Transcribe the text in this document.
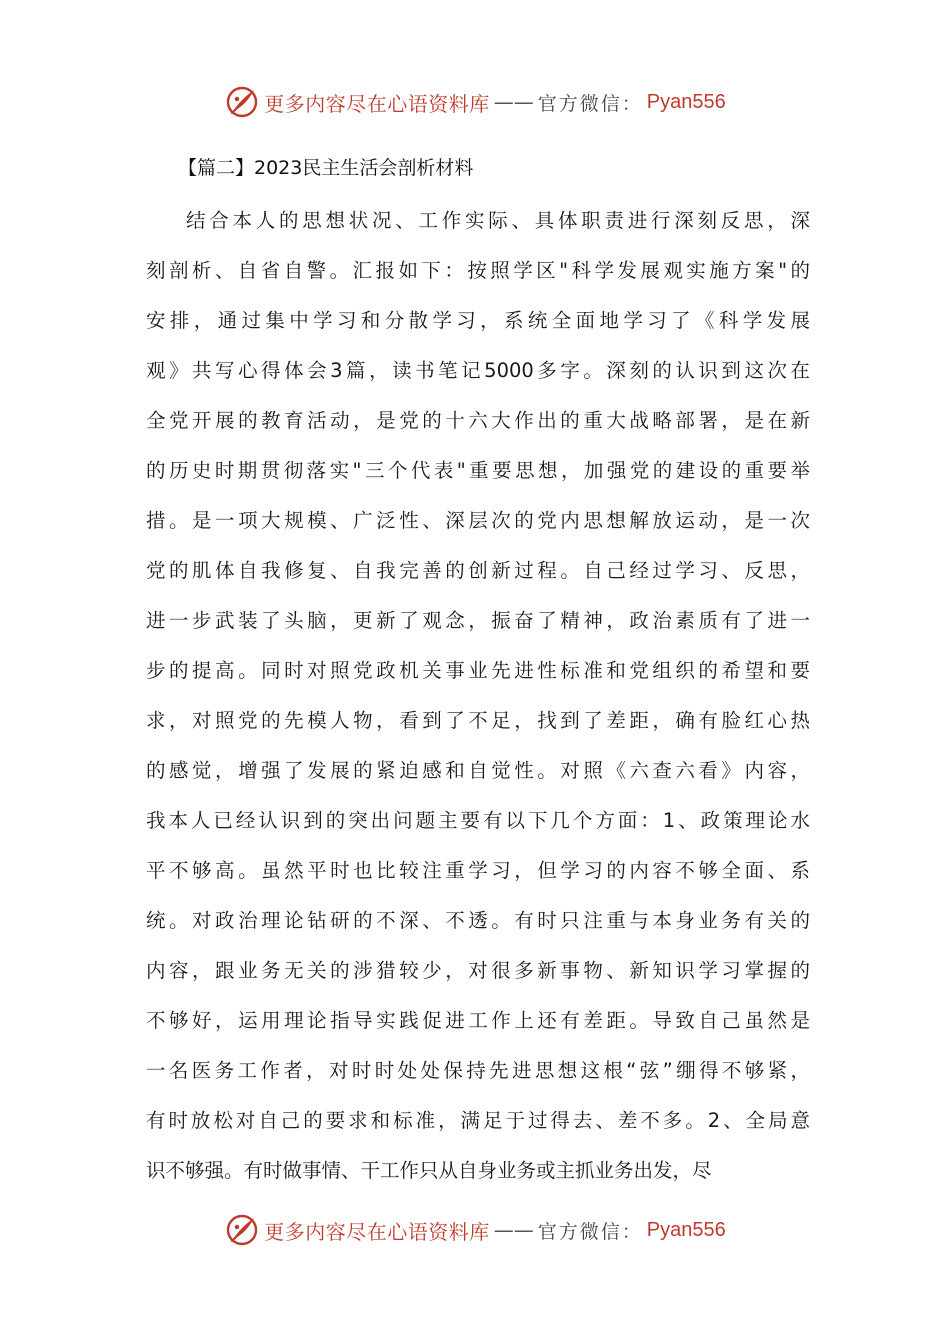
更多内容尽在心语资料库 —— 官方微信： Pyan556
【篇二】2023民主生活会剖析材料
结合本人的思想状况、工作实际、具体职责进行深刻反思，深
刻剖析、自省自警。汇报如下：按照学区"科学发展观实施方案"的
安排，通过集中学习和分散学习，系统全面地学习了《科学发展
观》共写心得体会3篇，读书笔记5000多字。深刻的认识到这次在
全党开展的教育活动，是党的十六大作出的重大战略部署，是在新
的历史时期贯彻落实"三个代表"重要思想，加强党的建设的重要举
措。是一项大规模、广泛性、深层次的党内思想解放运动，是一次
党的肌体自我修复、自我完善的创新过程。自己经过学习、反思，
进一步武装了头脑，更新了观念，振奋了精神，政治素质有了进一
步的提高。同时对照党政机关事业先进性标准和党组织的希望和要
求，对照党的先模人物，看到了不足，找到了差距，确有脸红心热
的感觉，增强了发展的紧迫感和自觉性。对照《六查六看》内容，
我本人已经认识到的突出问题主要有以下几个方面：1、政策理论水
平不够高。虽然平时也比较注重学习，但学习的内容不够全面、系
统。对政治理论钻研的不深、不透。有时只注重与本身业务有关的
内容，跟业务无关的涉猎较少，对很多新事物、新知识学习掌握的
不够好，运用理论指导实践促进工作上还有差距。导致自己虽然是
一名医务工作者，对时时处处保持先进思想这根“弦”绷得不够紧，
有时放松对自己的要求和标准，满足于过得去、差不多。2、全局意
识不够强。有时做事情、干工作只从自身业务或主抓业务出发，尽
更多内容尽在心语资料库 —— 官方微信： Pyan556
